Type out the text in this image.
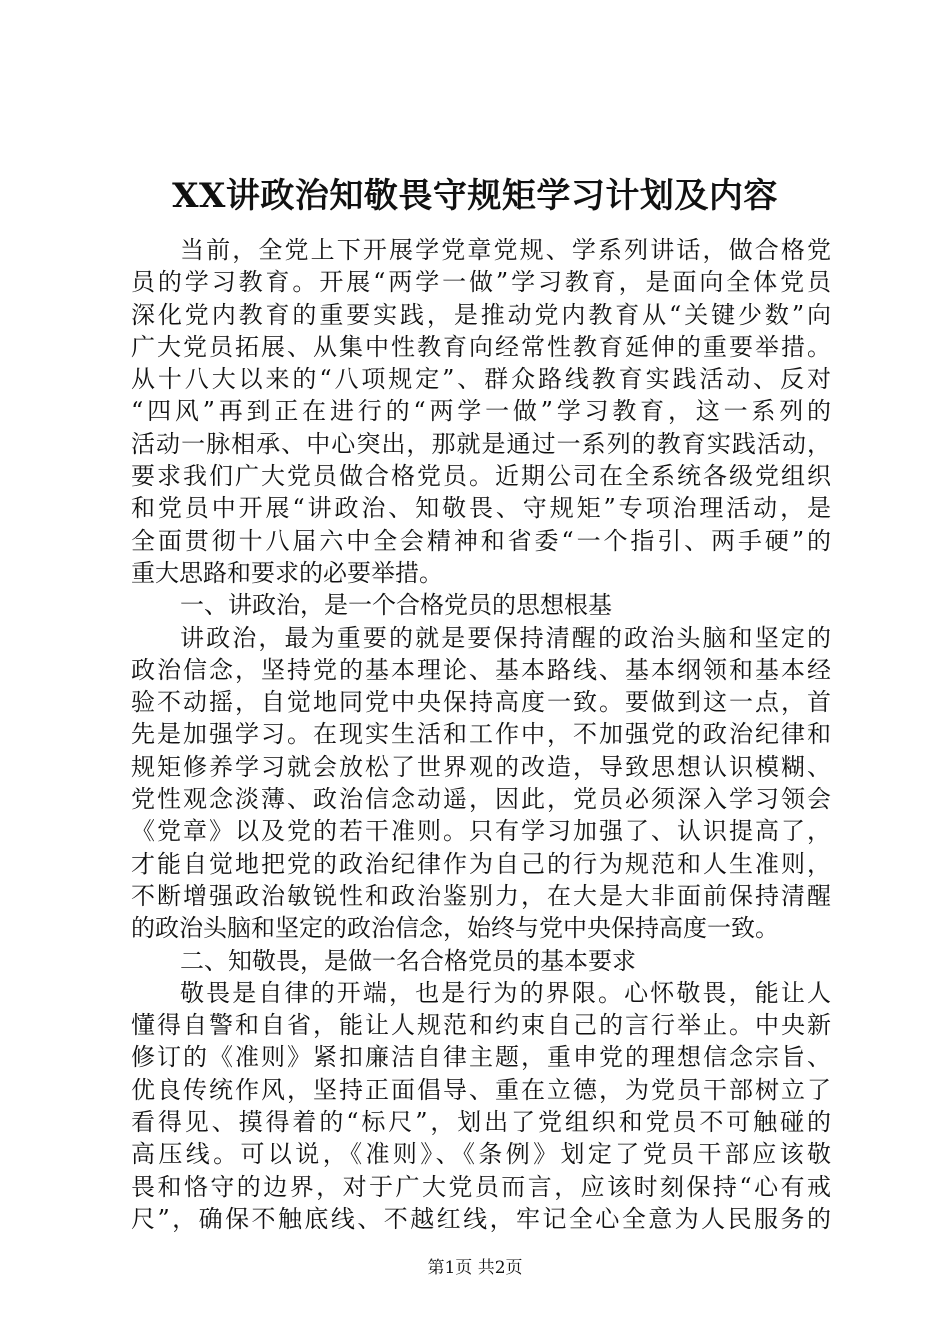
XX讲政治知敬畏守规矩学习计划及内容
当前，全党上下开展学党章党规、学系列讲话，做合格党
员的学习教育。开展“两学一做”学习教育，是面向全体党员
深化党内教育的重要实践，是推动党内教育从“关键少数”向
广大党员拓展、从集中性教育向经常性教育延伸的重要举措。
从十八大以来的“八项规定”、群众路线教育实践活动、反对
“四风”再到正在进行的“两学一做”学习教育，这一系列的
活动一脉相承、中心突出，那就是通过一系列的教育实践活动，
要求我们广大党员做合格党员。近期公司在全系统各级党组织
和党员中开展“讲政治、知敬畏、守规矩”专项治理活动，是
全面贯彻十八届六中全会精神和省委“一个指引、两手硬”的
重大思路和要求的必要举措。
一、讲政治，是一个合格党员的思想根基
讲政治，最为重要的就是要保持清醒的政治头脑和坚定的
政治信念，坚持党的基本理论、基本路线、基本纲领和基本经
验不动摇，自觉地同党中央保持高度一致。要做到这一点，首
先是加强学习。在现实生活和工作中，不加强党的政治纪律和
规矩修养学习就会放松了世界观的改造，导致思想认识模糊、
党性观念淡薄、政治信念动遥，因此，党员必须深入学习领会
《党章》以及党的若干准则。只有学习加强了、认识提高了，
才能自觉地把党的政治纪律作为自己的行为规范和人生准则，
不断增强政治敏锐性和政治鉴别力，在大是大非面前保持清醒
的政治头脑和坚定的政治信念，始终与党中央保持高度一致。
二、知敬畏，是做一名合格党员的基本要求
敬畏是自律的开端，也是行为的界限。心怀敬畏，能让人
懂得自警和自省，能让人规范和约束自己的言行举止。中央新
修订的《准则》紧扣廉洁自律主题，重申党的理想信念宗旨、
优良传统作风，坚持正面倡导、重在立德，为党员干部树立了
看得见、摸得着的“标尺”，划出了党组织和党员不可触碰的
高压线。可以说，《准则》、《条例》划定了党员干部应该敬
畏和恪守的边界，对于广大党员而言，应该时刻保持“心有戒
尺”，确保不触底线、不越红线，牢记全心全意为人民服务的
第1页 共2页
